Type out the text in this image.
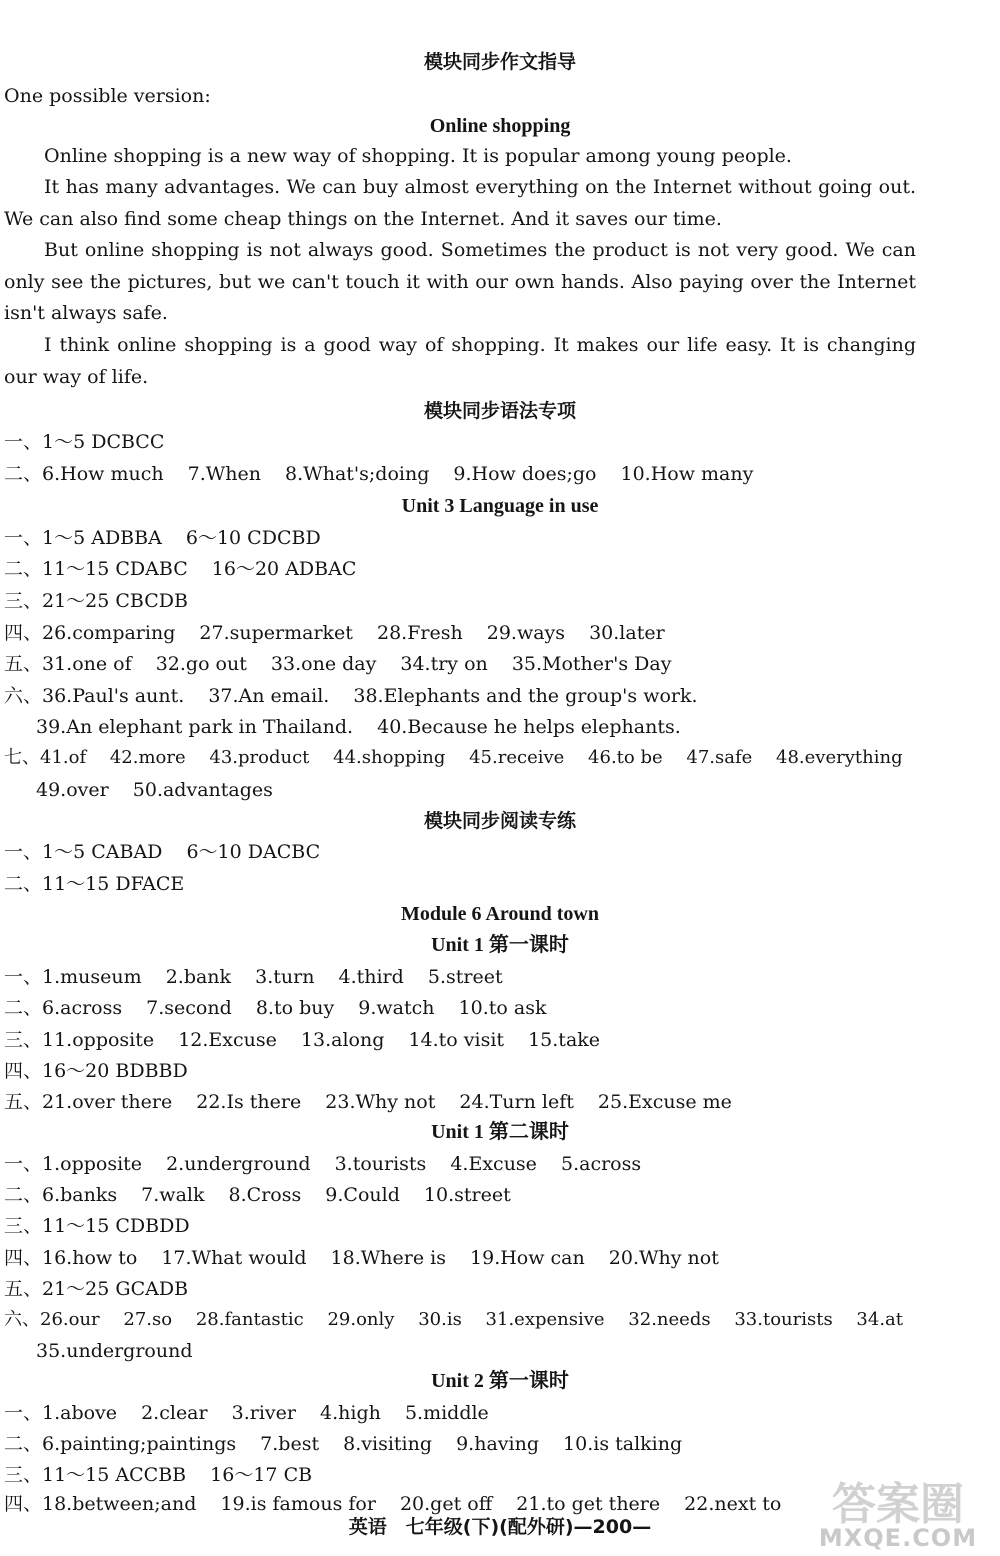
模块同步作文指导
One possible version:
Online shopping
Online shopping is a new way of shopping. It is popular among young people.
It has many advantages. We can buy almost everything on the Internet without going out. We can also find some cheap things on the Internet. And it saves our time.
But online shopping is not always good. Sometimes the product is not very good. We can only see the pictures, but we can't touch it with our own hands. Also paying over the Internet isn't always safe.
I think online shopping is a good way of shopping. It makes our life easy. It is changing our way of life.
模块同步语法专项
一、1～5 DCBCC
二、6.How much 7.When 8.What's;doing 9.How does;go 10.How many
Unit 3 Language in use
一、1～5 ADBBA 6～10 CDCBD
二、11～15 CDABC 16～20 ADBAC
三、21～25 CBCDB
四、26.comparing 27.supermarket 28.Fresh 29.ways 30.later
五、31.one of 32.go out 33.one day 34.try on 35.Mother's Day
六、36.Paul's aunt. 37.An email. 38.Elephants and the group's work.
39.An elephant park in Thailand. 40.Because he helps elephants.
七、41.of 42.more 43.product 44.shopping 45.receive 46.to be 47.safe 48.everything
49.over 50.advantages
模块同步阅读专练
一、1～5 CABAD 6～10 DACBC
二、11～15 DFACE
Module 6 Around town
Unit 1 第一课时
一、1.museum 2.bank 3.turn 4.third 5.street
二、6.across 7.second 8.to buy 9.watch 10.to ask
三、11.opposite 12.Excuse 13.along 14.to visit 15.take
四、16～20 BDBBD
五、21.over there 22.Is there 23.Why not 24.Turn left 25.Excuse me
Unit 1 第二课时
一、1.opposite 2.underground 3.tourists 4.Excuse 5.across
二、6.banks 7.walk 8.Cross 9.Could 10.street
三、11～15 CDBDD
四、16.how to 17.What would 18.Where is 19.How can 20.Why not
五、21～25 GCADB
六、26.our 27.so 28.fantastic 29.only 30.is 31.expensive 32.needs 33.tourists 34.at
35.underground
Unit 2 第一课时
一、1.above 2.clear 3.river 4.high 5.middle
二、6.painting;paintings 7.best 8.visiting 9.having 10.is talking
三、11～15 ACCBB 16～17 CB
四、18.between;and 19.is famous for 20.get off 21.to get there 22.next to
英语　七年级(下)(配外研)—200—	答案圈
MXQE.COM
